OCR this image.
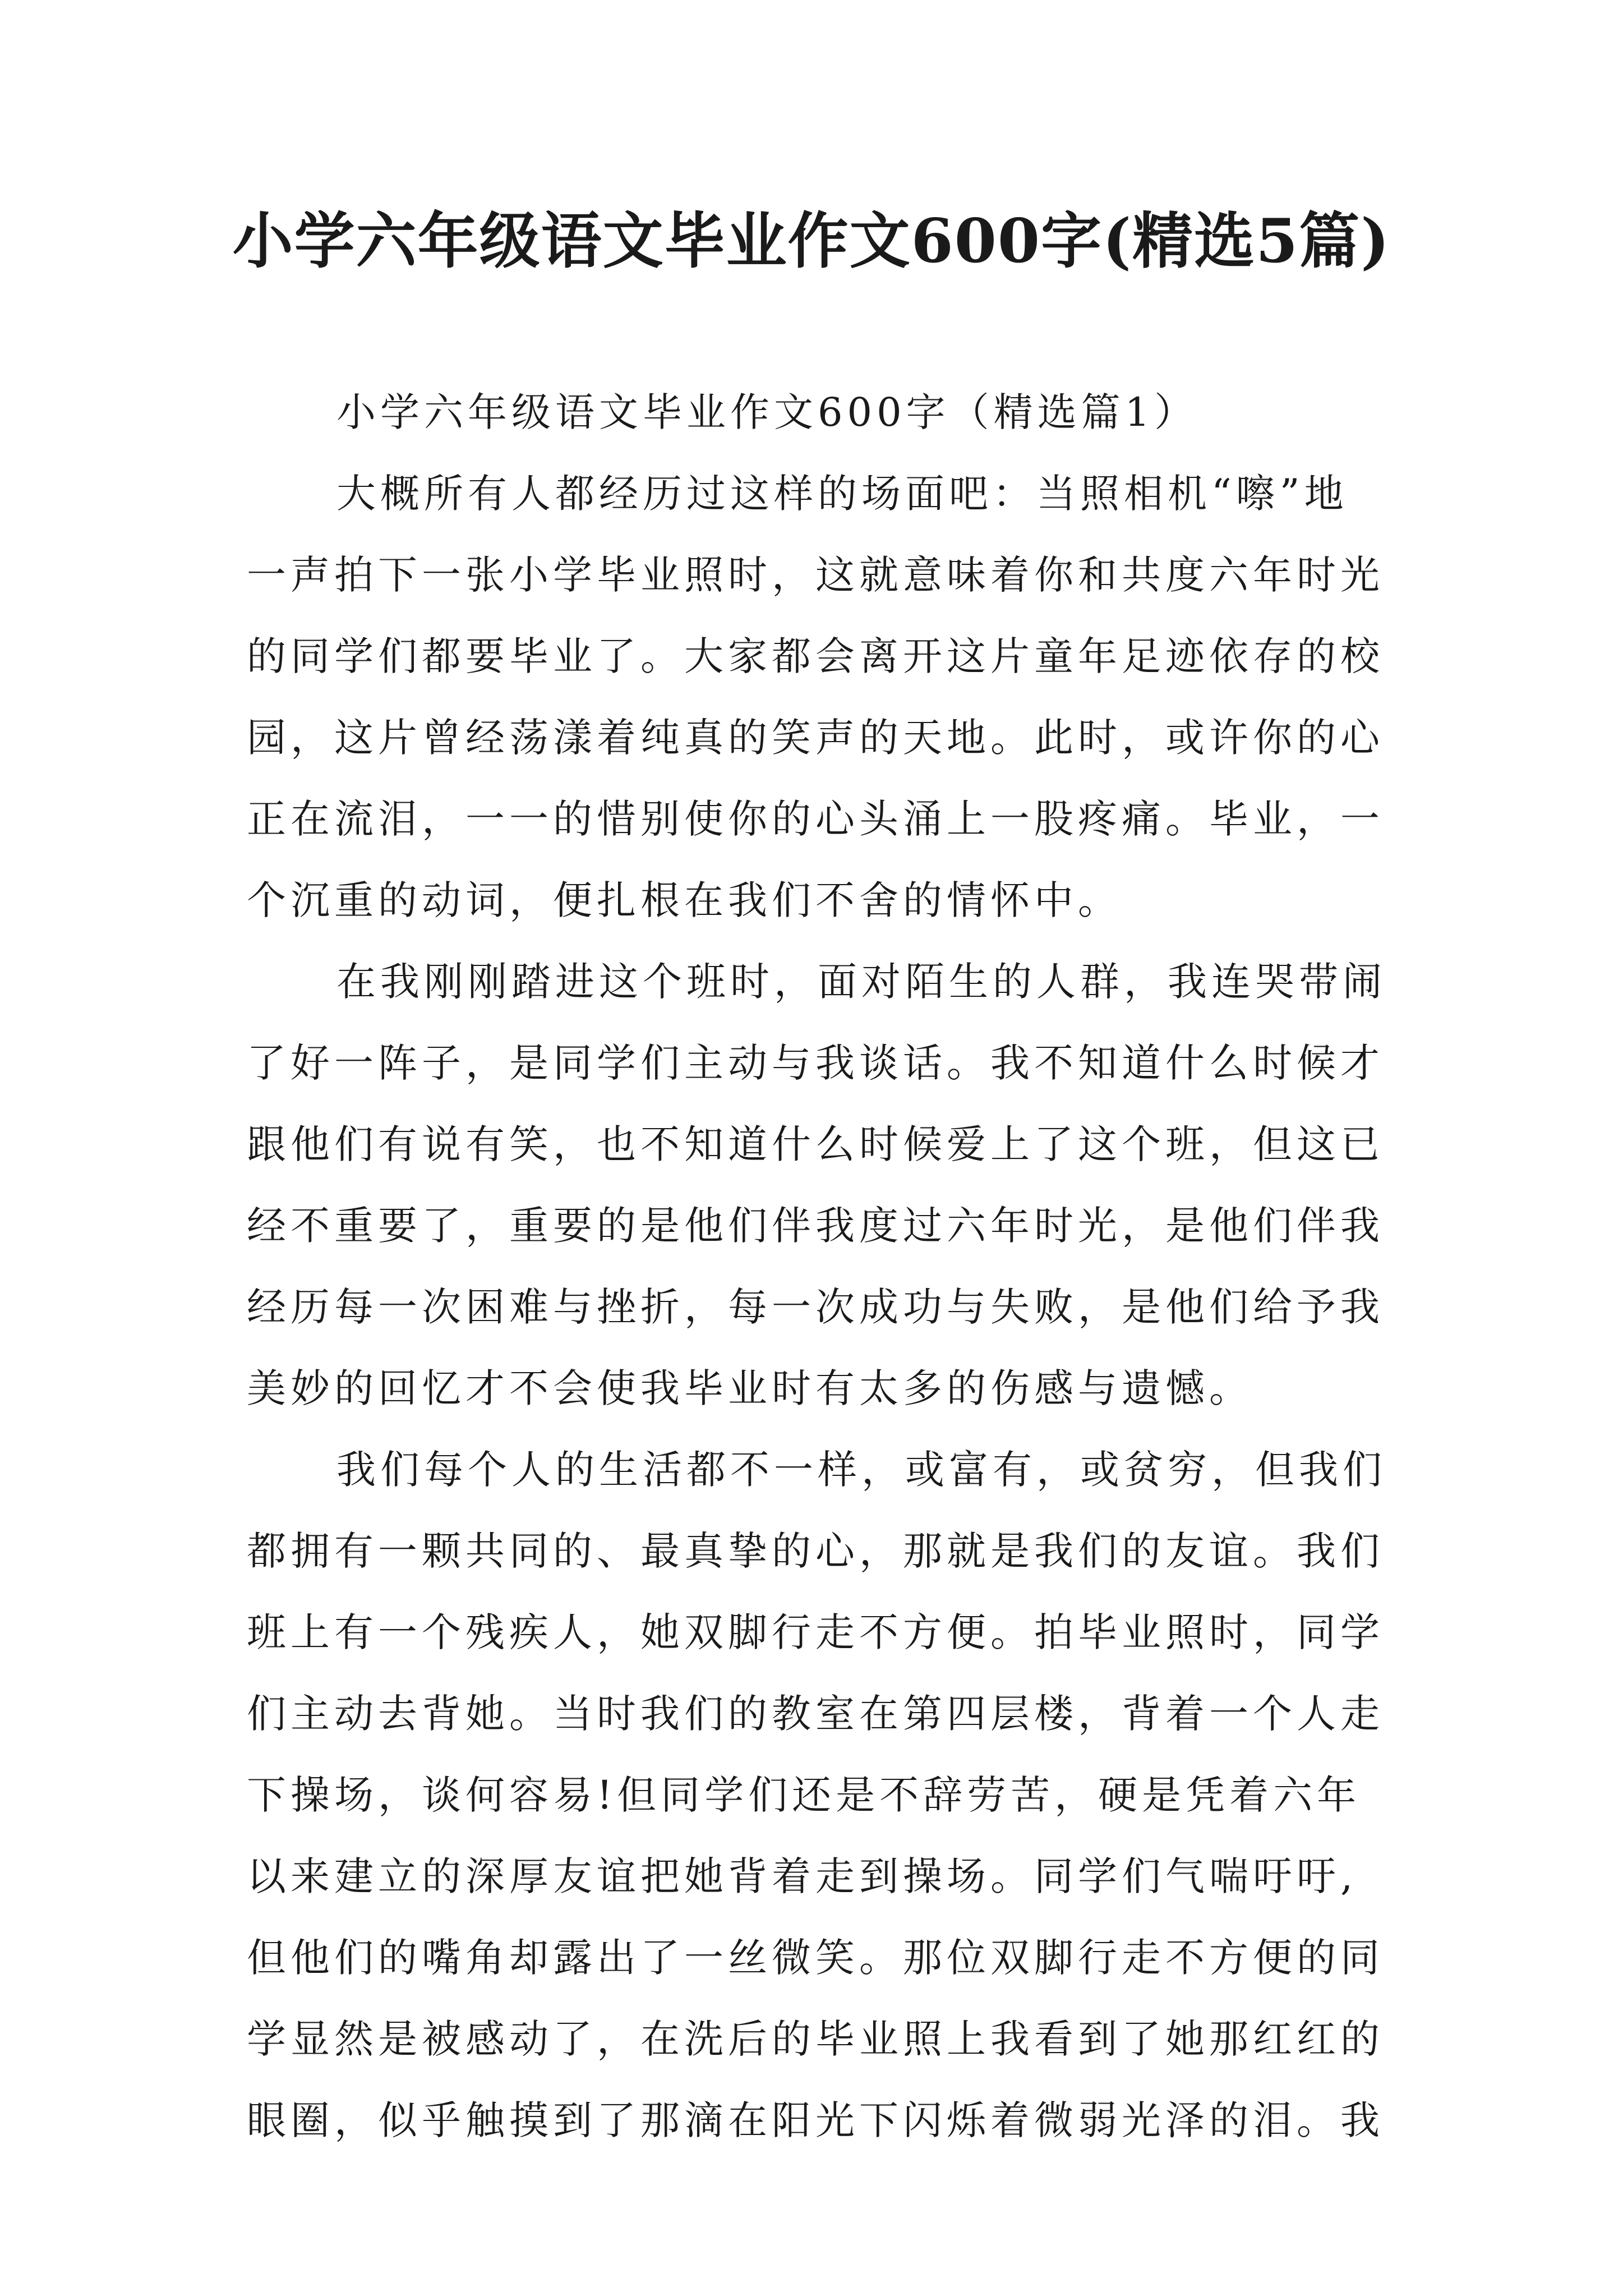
小学六年级语文毕业作文600字(精选5篇)
小学六年级语文毕业作文600字（精选篇1）
大概所有人都经历过这样的场面吧：当照相机“嚓”地
一声拍下一张小学毕业照时，这就意味着你和共度六年时光
的同学们都要毕业了。大家都会离开这片童年足迹依存的校
园，这片曾经荡漾着纯真的笑声的天地。此时，或许你的心
正在流泪，一一的惜别使你的心头涌上一股疼痛。毕业，一
个沉重的动词，便扎根在我们不舍的情怀中。
在我刚刚踏进这个班时，面对陌生的人群，我连哭带闹
了好一阵子，是同学们主动与我谈话。我不知道什么时候才
跟他们有说有笑，也不知道什么时候爱上了这个班，但这已
经不重要了，重要的是他们伴我度过六年时光，是他们伴我
经历每一次困难与挫折，每一次成功与失败，是他们给予我
美妙的回忆才不会使我毕业时有太多的伤感与遗憾。
我们每个人的生活都不一样，或富有，或贫穷，但我们
都拥有一颗共同的、最真挚的心，那就是我们的友谊。我们
班上有一个残疾人，她双脚行走不方便。拍毕业照时，同学
们主动去背她。当时我们的教室在第四层楼，背着一个人走
下操场，谈何容易!但同学们还是不辞劳苦，硬是凭着六年
以来建立的深厚友谊把她背着走到操场。同学们气喘吁吁,
但他们的嘴角却露出了一丝微笑。那位双脚行走不方便的同
学显然是被感动了，在洗后的毕业照上我看到了她那红红的
眼圈，似乎触摸到了那滴在阳光下闪烁着微弱光泽的泪。我
